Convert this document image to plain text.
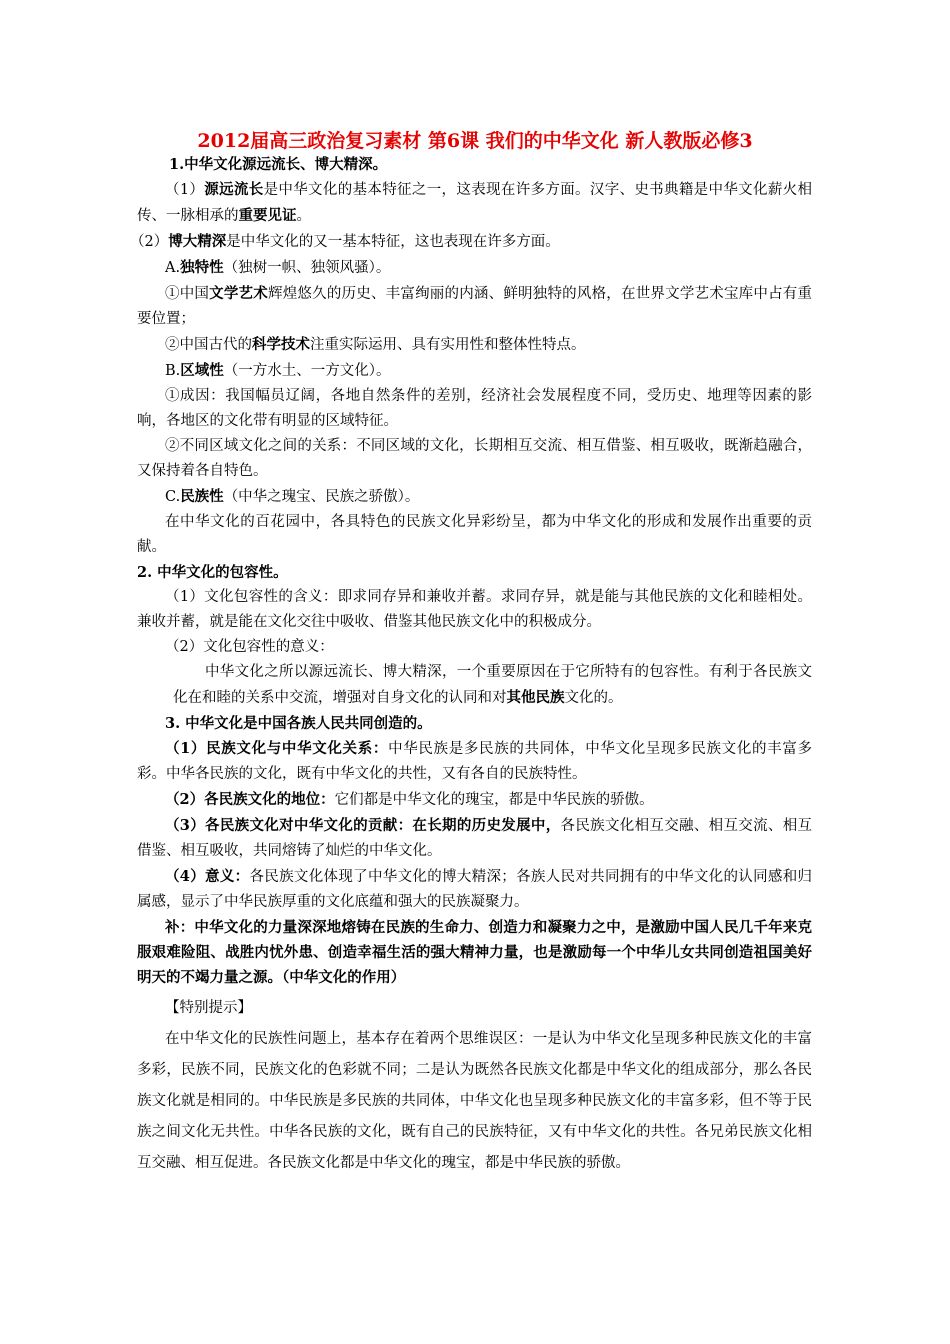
2012届高三政治复习素材 第6课 我们的中华文化 新人教版必修3

1.中华文化源远流长、博大精深。

（1）源远流长是中华文化的基本特征之一，这表现在许多方面。汉字、史书典籍是中华文化薪火相传、一脉相承的重要见证。

（2）博大精深是中华文化的又一基本特征，这也表现在许多方面。

A.独特性（独树一帜、独领风骚）。

①中国文学艺术辉煌悠久的历史、丰富绚丽的内涵、鲜明独特的风格，在世界文学艺术宝库中占有重要位置；

②中国古代的科学技术注重实际运用、具有实用性和整体性特点。

B.区域性（一方水土、一方文化）。

①成因：我国幅员辽阔，各地自然条件的差别，经济社会发展程度不同，受历史、地理等因素的影响，各地区的文化带有明显的区域特征。

②不同区域文化之间的关系：不同区域的文化，长期相互交流、相互借鉴、相互吸收，既渐趋融合，又保持着各自特色。

C.民族性（中华之瑰宝、民族之骄傲）。

在中华文化的百花园中，各具特色的民族文化异彩纷呈，都为中华文化的形成和发展作出重要的贡献。

2. 中华文化的包容性。

（1）文化包容性的含义：即求同存异和兼收并蓄。求同存异，就是能与其他民族的文化和睦相处。兼收并蓄，就是能在文化交往中吸收、借鉴其他民族文化中的积极成分。

（2）文化包容性的意义：

中华文化之所以源远流长、博大精深，一个重要原因在于它所特有的包容性。有利于各民族文化在和睦的关系中交流，增强对自身文化的认同和对其他民族文化的。

3. 中华文化是中国各族人民共同创造的。

（1）民族文化与中华文化关系：中华民族是多民族的共同体，中华文化呈现多民族文化的丰富多彩。中华各民族的文化，既有中华文化的共性，又有各自的民族特性。

（2）各民族文化的地位：它们都是中华文化的瑰宝，都是中华民族的骄傲。

（3）各民族文化对中华文化的贡献：在长期的历史发展中，各民族文化相互交融、相互交流、相互借鉴、相互吸收，共同熔铸了灿烂的中华文化。

（4）意义：各民族文化体现了中华文化的博大精深；各族人民对共同拥有的中华文化的认同感和归属感，显示了中华民族厚重的文化底蕴和强大的民族凝聚力。

补：中华文化的力量深深地熔铸在民族的生命力、创造力和凝聚力之中，是激励中国人民几千年来克服艰难险阻、战胜内忧外患、创造幸福生活的强大精神力量，也是激励每一个中华儿女共同创造祖国美好明天的不竭力量之源。（中华文化的作用）

【特别提示】

在中华文化的民族性问题上，基本存在着两个思维误区：一是认为中华文化呈现多种民族文化的丰富多彩，民族不同，民族文化的色彩就不同；二是认为既然各民族文化都是中华文化的组成部分，那么各民族文化就是相同的。中华民族是多民族的共同体，中华文化也呈现多种民族文化的丰富多彩，但不等于民族之间文化无共性。中华各民族的文化，既有自己的民族特征，又有中华文化的共性。各兄弟民族文化相互交融、相互促进。各民族文化都是中华文化的瑰宝，都是中华民族的骄傲。
